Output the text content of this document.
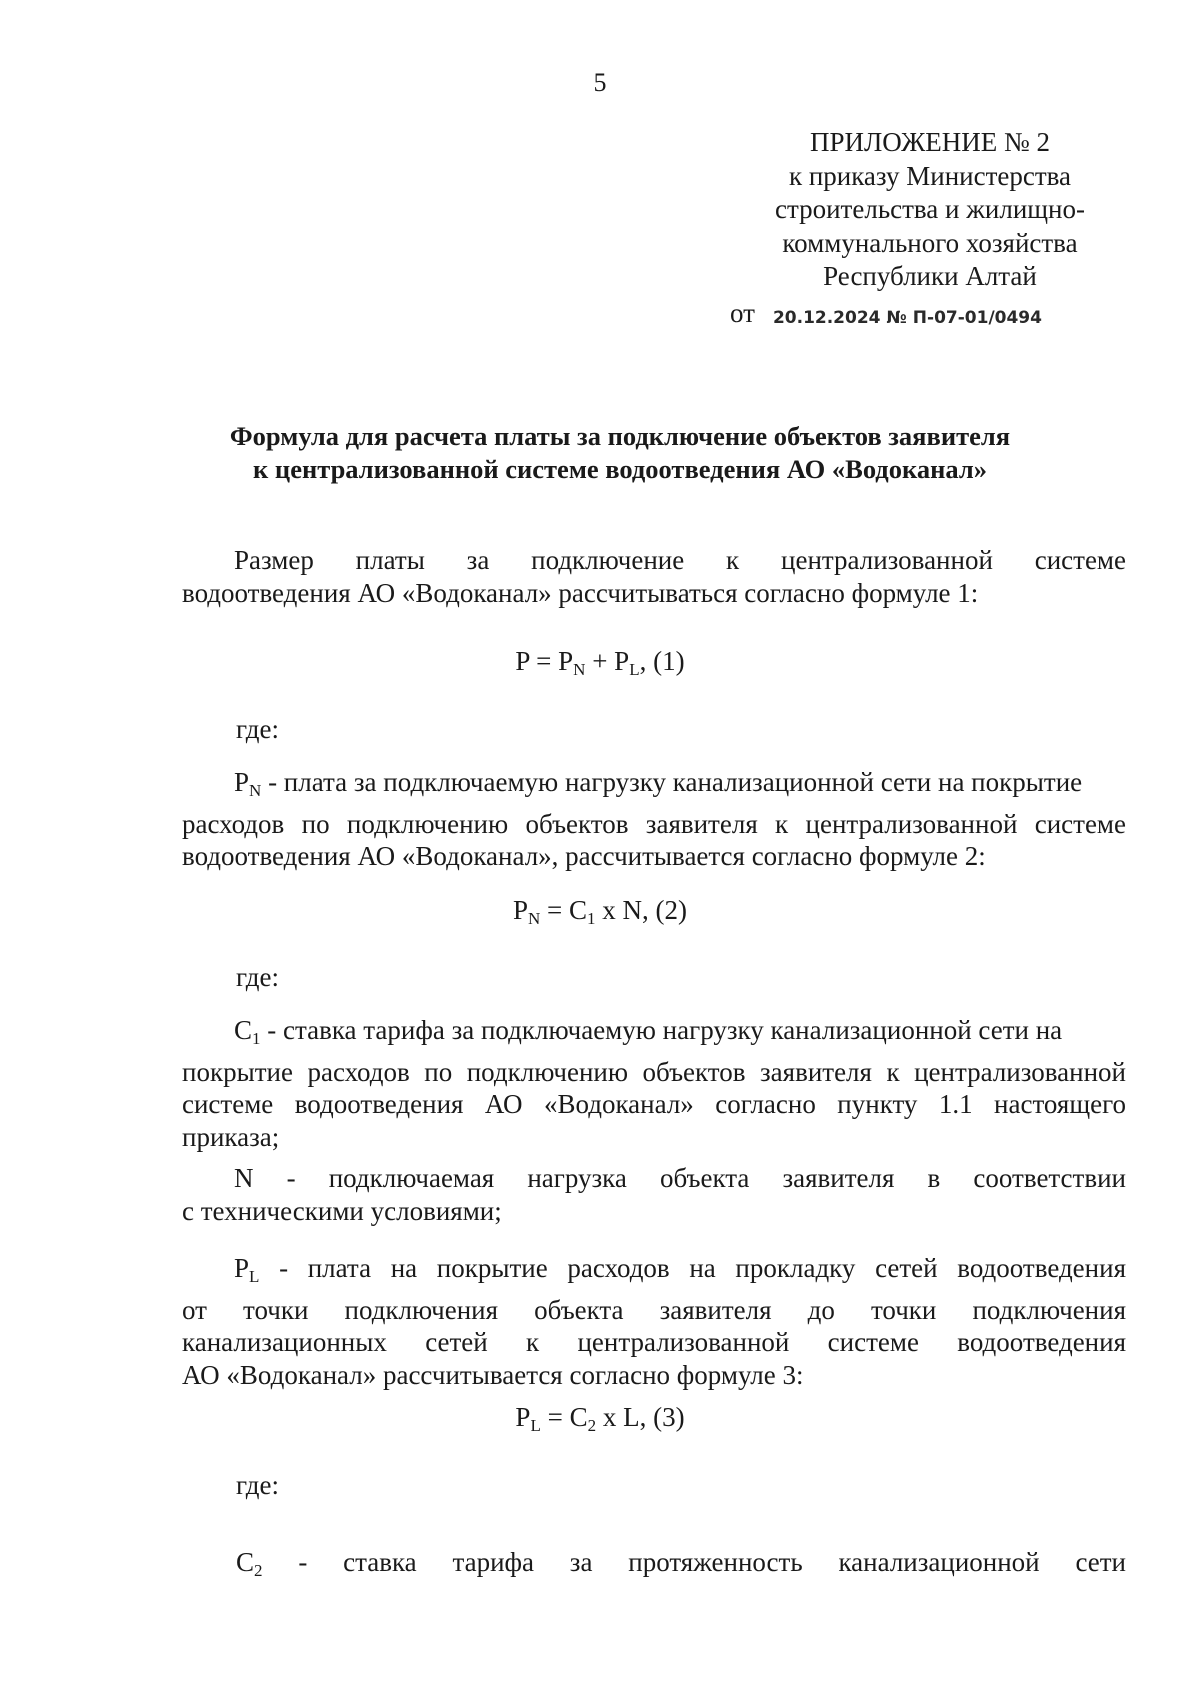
5
ПРИЛОЖЕНИЕ № 2
к приказу Министерства
строительства и жилищно-
коммунального хозяйства
Республики Алтай
от 20.12.2024 № П-07-01/0494
Формула для расчета платы за подключение объектов заявителя
к централизованной системе водоотведения АО «Водоканал»
Размер платы за подключение к централизованной системе
водоотведения АО «Водоканал» рассчитываться согласно формуле 1:
$P = P_N + P_L$, (1)
где:
$P_N$ - плата за подключаемую нагрузку канализационной сети на покрытие
расходов по подключению объектов заявителя к централизованной системе
водоотведения АО «Водоканал», рассчитывается согласно формуле 2:
$P_N = C_1$ x N, (2)
где:
$C_1$ - ставка тарифа за подключаемую нагрузку канализационной сети на
покрытие расходов по подключению объектов заявителя к централизованной
системе водоотведения АО «Водоканал» согласно пункту 1.1 настоящего
приказа;
N - подключаемая нагрузка объекта заявителя в соответствии
с техническими условиями;
$P_L$ - плата на покрытие расходов на прокладку сетей водоотведения
от точки подключения объекта заявителя до точки подключения
канализационных сетей к централизованной системе водоотведения
АО «Водоканал» рассчитывается согласно формуле 3:
$P_L = C_2$ x L, (3)
где:
$C_2$ - ставка тарифа за протяженность канализационной сети
